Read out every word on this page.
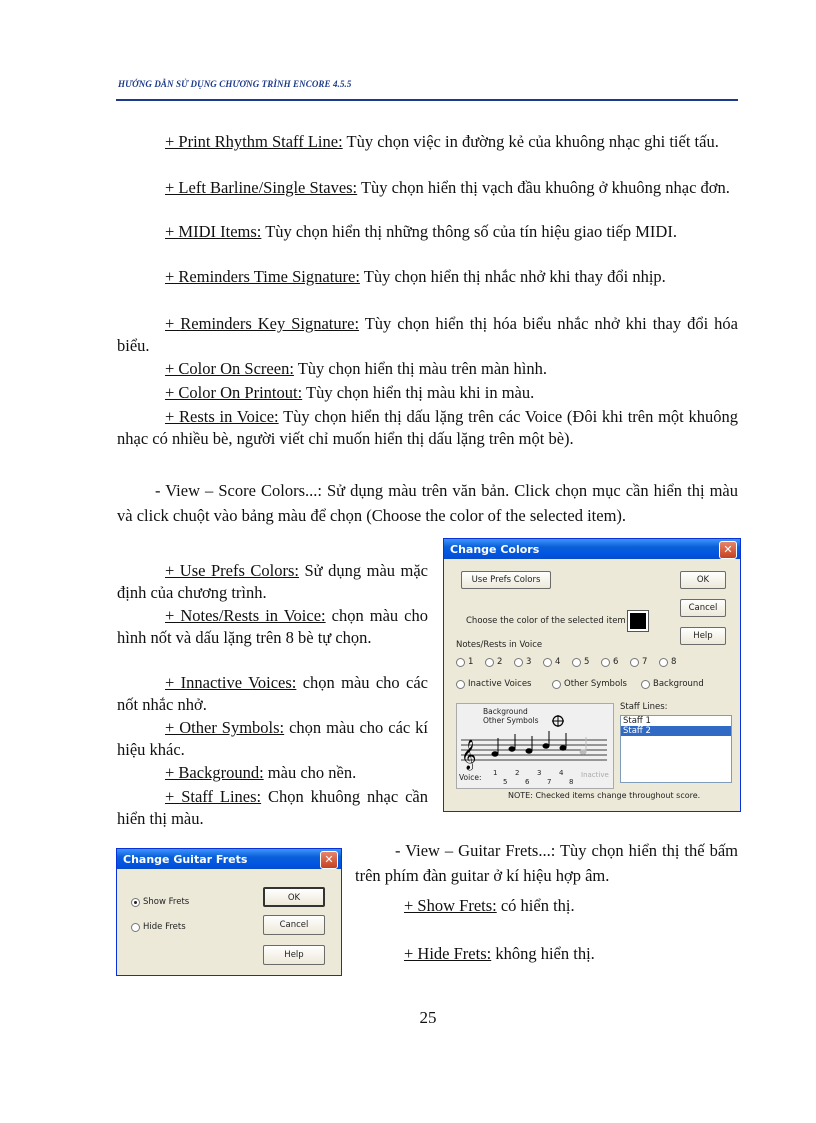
HƯỚNG DẪN SỬ DỤNG CHƯƠNG TRÌNH ENCORE 4.5.5
+ Print Rhythm Staff Line: Tùy chọn việc in đường kẻ của khuông nhạc ghi tiết tấu.
+ Left Barline/Single Staves: Tùy chọn hiển thị vạch đầu khuông ở khuông nhạc đơn.
+ MIDI Items: Tùy chọn hiển thị những thông số của tín hiệu giao tiếp MIDI.
+ Reminders Time Signature: Tùy chọn hiển thị nhắc nhở khi thay đổi nhịp.
+ Reminders Key Signature: Tùy chọn hiển thị hóa biểu nhắc nhở khi thay đổi hóa biểu.
+ Color On Screen: Tùy chọn hiển thị màu trên màn hình.
+ Color On Printout: Tùy chọn hiển thị màu khi in màu.
+ Rests in Voice: Tùy chọn hiển thị dấu lặng trên các Voice (Đôi khi trên một khuông nhạc có nhiều bè, người viết chỉ muốn hiển thị dấu lặng trên một bè).
- View – Score Colors...: Sử dụng màu trên văn bản. Click chọn mục cần hiển thị màu và click chuột vào bảng màu để chọn (Choose the color of the selected item).
+ Use Prefs Colors: Sử dụng màu mặc định của chương trình.
+ Notes/Rests in Voice: chọn màu cho hình nốt và dấu lặng trên 8 bè tự chọn.
+ Innactive Voices: chọn màu cho các nốt nhắc nhở.
+ Other Symbols: chọn màu cho các kí hiệu khác.
+ Background: màu cho nền.
+ Staff Lines: Chọn khuông nhạc cần hiển thị màu.
Change Colors	✕
Use Prefs Colors	OK
Cancel
Help
Choose the color of the selected item
Notes/Rests in Voice
1	2	3	4	5	6	7	8
Inactive Voices	Other Symbols	Background
Background
Other Symbols
𝄞
Voice: 1	2	3	4
5	6	7	8
Inactive
Staff Lines:
Staff 1
Staff 2
NOTE: Checked items change throughout score.
- View – Guitar Frets...: Tùy chọn hiển thị thế bấm trên phím đàn guitar ở kí hiệu hợp âm.
+ Show Frets: có hiển thị.
+ Hide Frets: không hiển thị.
Change Guitar Frets	✕
Show Frets
Hide Frets
OK
Cancel
Help
25
